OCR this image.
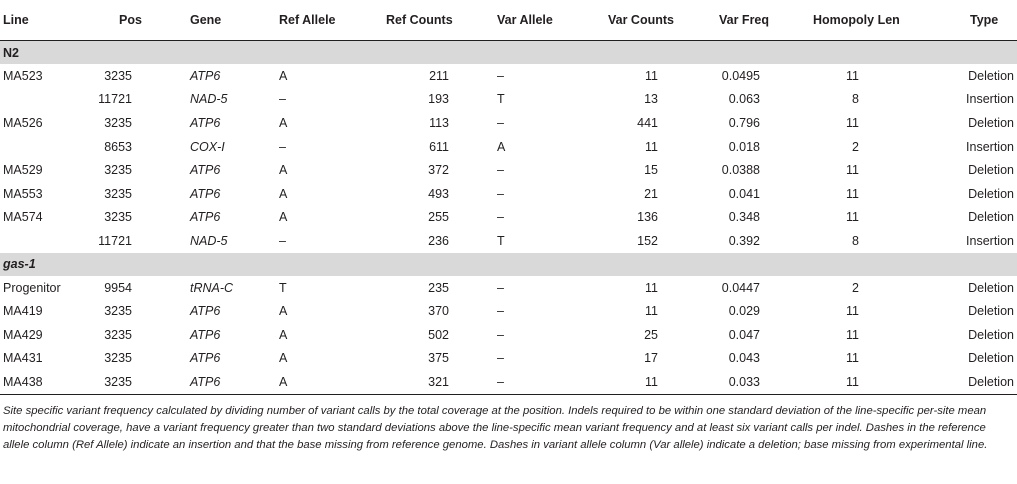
Line	Pos	Gene	Ref Allele	Ref Counts	Var Allele	Var Counts	Var Freq	Homopoly Len	Type
N2									
MA523	3235	ATP6	A	211	–	11	0.0495	11	Deletion
	11721	NAD-5	–	193	T	13	0.063	8	Insertion
MA526	3235	ATP6	A	113	–	441	0.796	11	Deletion
	8653	COX-I	–	611	A	11	0.018	2	Insertion
MA529	3235	ATP6	A	372	–	15	0.0388	11	Deletion
MA553	3235	ATP6	A	493	–	21	0.041	11	Deletion
MA574	3235	ATP6	A	255	–	136	0.348	11	Deletion
	11721	NAD-5	–	236	T	152	0.392	8	Insertion
gas-1									
Progenitor	9954	tRNA-C	T	235	–	11	0.0447	2	Deletion
MA419	3235	ATP6	A	370	–	11	0.029	11	Deletion
MA429	3235	ATP6	A	502	–	25	0.047	11	Deletion
MA431	3235	ATP6	A	375	–	17	0.043	11	Deletion
MA438	3235	ATP6	A	321	–	11	0.033	11	Deletion
Site specific variant frequency calculated by dividing number of variant calls by the total coverage at the position. Indels required to be within one standard deviation of the line-specific per-site mean mitochondrial coverage, have a variant frequency greater than two standard deviations above the line-specific mean variant frequency and at least six variant calls per indel. Dashes in the reference allele column (Ref Allele) indicate an insertion and that the base missing from reference genome. Dashes in variant allele column (Var allele) indicate a deletion; base missing from experimental line.
